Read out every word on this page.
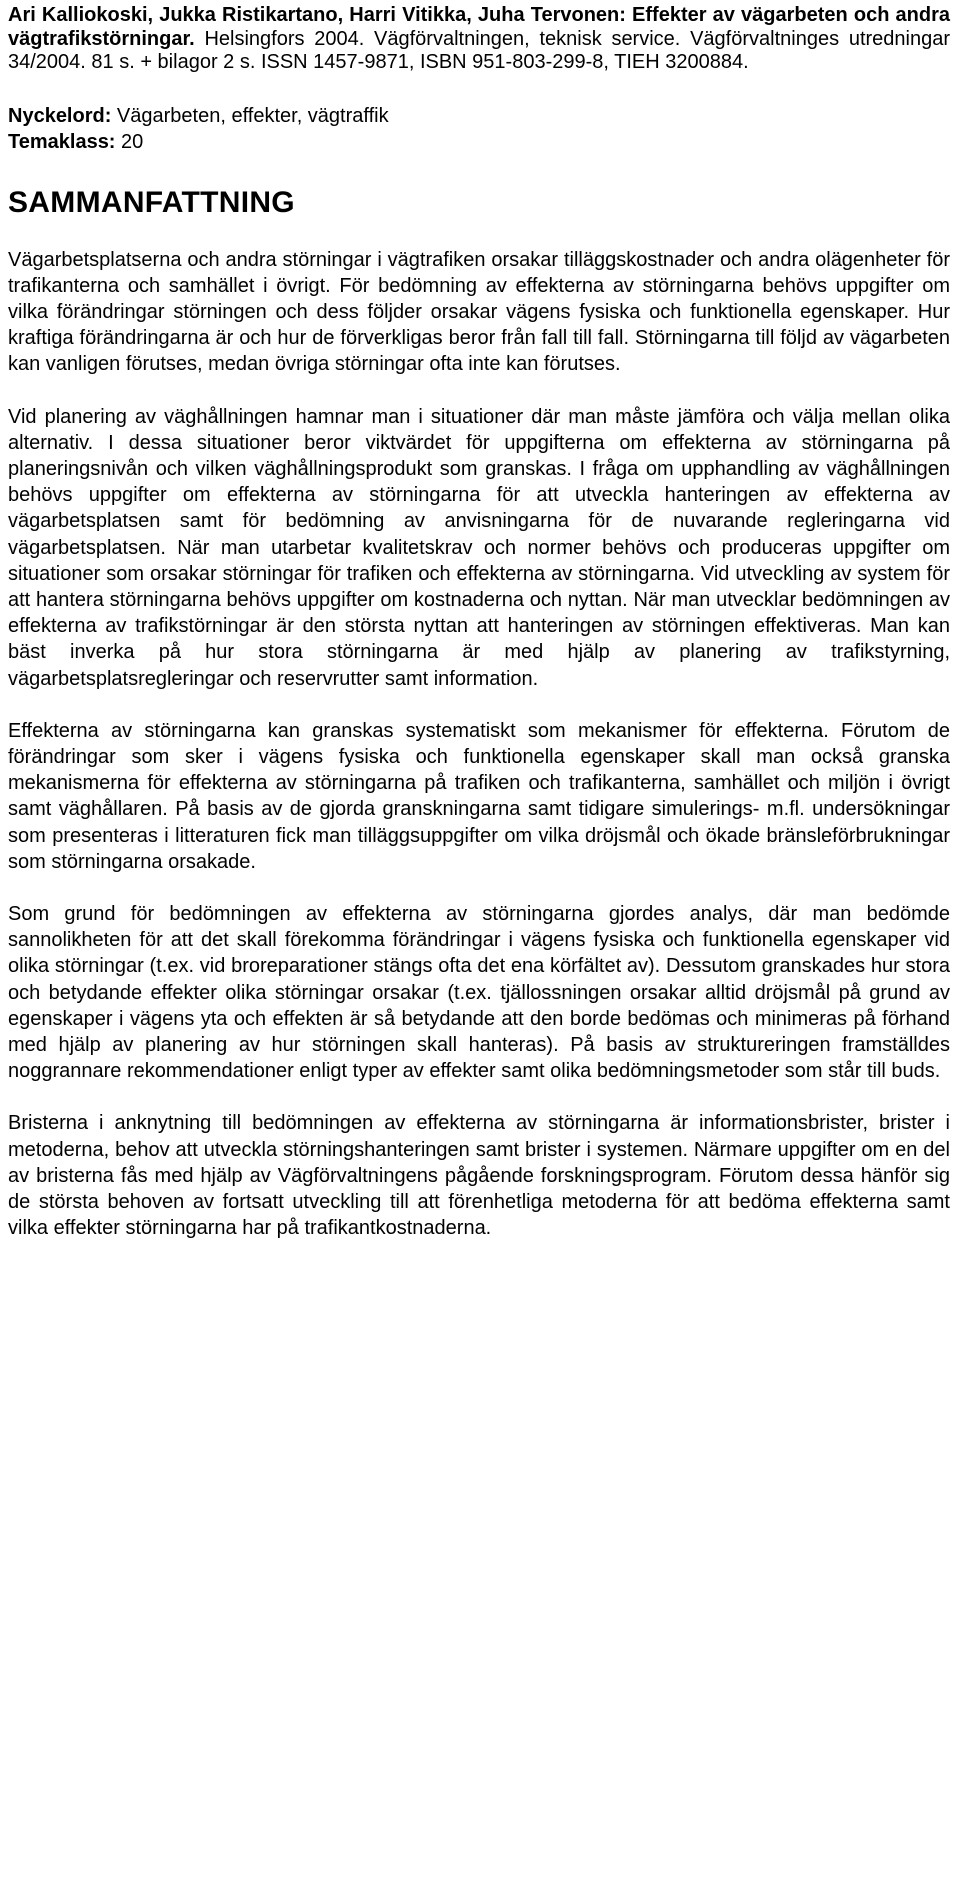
Ari Kalliokoski, Jukka Ristikartano, Harri Vitikka, Juha Tervonen: Effekter av vägarbeten och andra vägtrafikstörningar. Helsingfors 2004. Vägförvaltningen, teknisk service. Vägförvaltninges utredningar 34/2004. 81 s. + bilagor 2 s. ISSN 1457-9871, ISBN 951-803-299-8, TIEH 3200884.

Nyckelord: Vägarbeten, effekter, vägtraffik
Temaklass: 20
SAMMANFATTNING

Vägarbetsplatserna och andra störningar i vägtrafiken orsakar tilläggskostnader och andra olägenheter för trafikanterna och samhället i övrigt. För bedömning av effekterna av störningarna behövs uppgifter om vilka förändringar störningen och dess följder orsakar vägens fysiska och funktionella egenskaper. Hur kraftiga förändringarna är och hur de förverkligas beror från fall till fall. Störningarna till följd av vägarbeten kan vanligen förutses, medan övriga störningar ofta inte kan förutses.

Vid planering av väghållningen hamnar man i situationer där man måste jämföra och välja mellan olika alternativ. I dessa situationer beror viktvärdet för uppgifterna om effekterna av störningarna på planeringsnivån och vilken väghållningsprodukt som granskas. I fråga om upphandling av väghållningen behövs uppgifter om effekterna av störningarna för att utveckla hanteringen av effekterna av vägarbetsplatsen samt för bedömning av anvisningarna för de nuvarande regleringarna vid vägarbetsplatsen. När man utarbetar kvalitetskrav och normer behövs och produceras uppgifter om situationer som orsakar störningar för trafiken och effekterna av störningarna. Vid utveckling av system för att hantera störningarna behövs uppgifter om kostnaderna och nyttan. När man utvecklar bedömningen av effekterna av trafikstörningar är den största nyttan att hanteringen av störningen effektiveras. Man kan bäst inverka på hur stora störningarna är med hjälp av planering av trafikstyrning, vägarbetsplatsregleringar och reservrutter samt information.

Effekterna av störningarna kan granskas systematiskt som mekanismer för effekterna. Förutom de förändringar som sker i vägens fysiska och funktionella egenskaper skall man också granska mekanismerna för effekterna av störningarna på trafiken och trafikanterna, samhället och miljön i övrigt samt väghållaren. På basis av de gjorda granskningarna samt tidigare simulerings- m.fl. undersökningar som presenteras i litteraturen fick man tilläggsuppgifter om vilka dröjsmål och ökade bränsleförbrukningar som störningarna orsakade.

Som grund för bedömningen av effekterna av störningarna gjordes analys, där man bedömde sannolikheten för att det skall förekomma förändringar i vägens fysiska och funktionella egenskaper vid olika störningar (t.ex. vid broreparationer stängs ofta det ena körfältet av). Dessutom granskades hur stora och betydande effekter olika störningar orsakar (t.ex. tjällossningen orsakar alltid dröjsmål på grund av egenskaper i vägens yta och effekten är så betydande att den borde bedömas och minimeras på förhand med hjälp av planering av hur störningen skall hanteras). På basis av struktureringen framställdes noggrannare rekommendationer enligt typer av effekter samt olika bedömningsmetoder som står till buds.

Bristerna i anknytning till bedömningen av effekterna av störningarna är informationsbrister, brister i metoderna, behov att utveckla störningshanteringen samt brister i systemen. Närmare uppgifter om en del av bristerna fås med hjälp av Vägförvaltningens pågående forskningsprogram. Förutom dessa hänför sig de största behoven av fortsatt utveckling till att förenhetliga metoderna för att bedöma effekterna samt vilka effekter störningarna har på trafikantkostnaderna.
